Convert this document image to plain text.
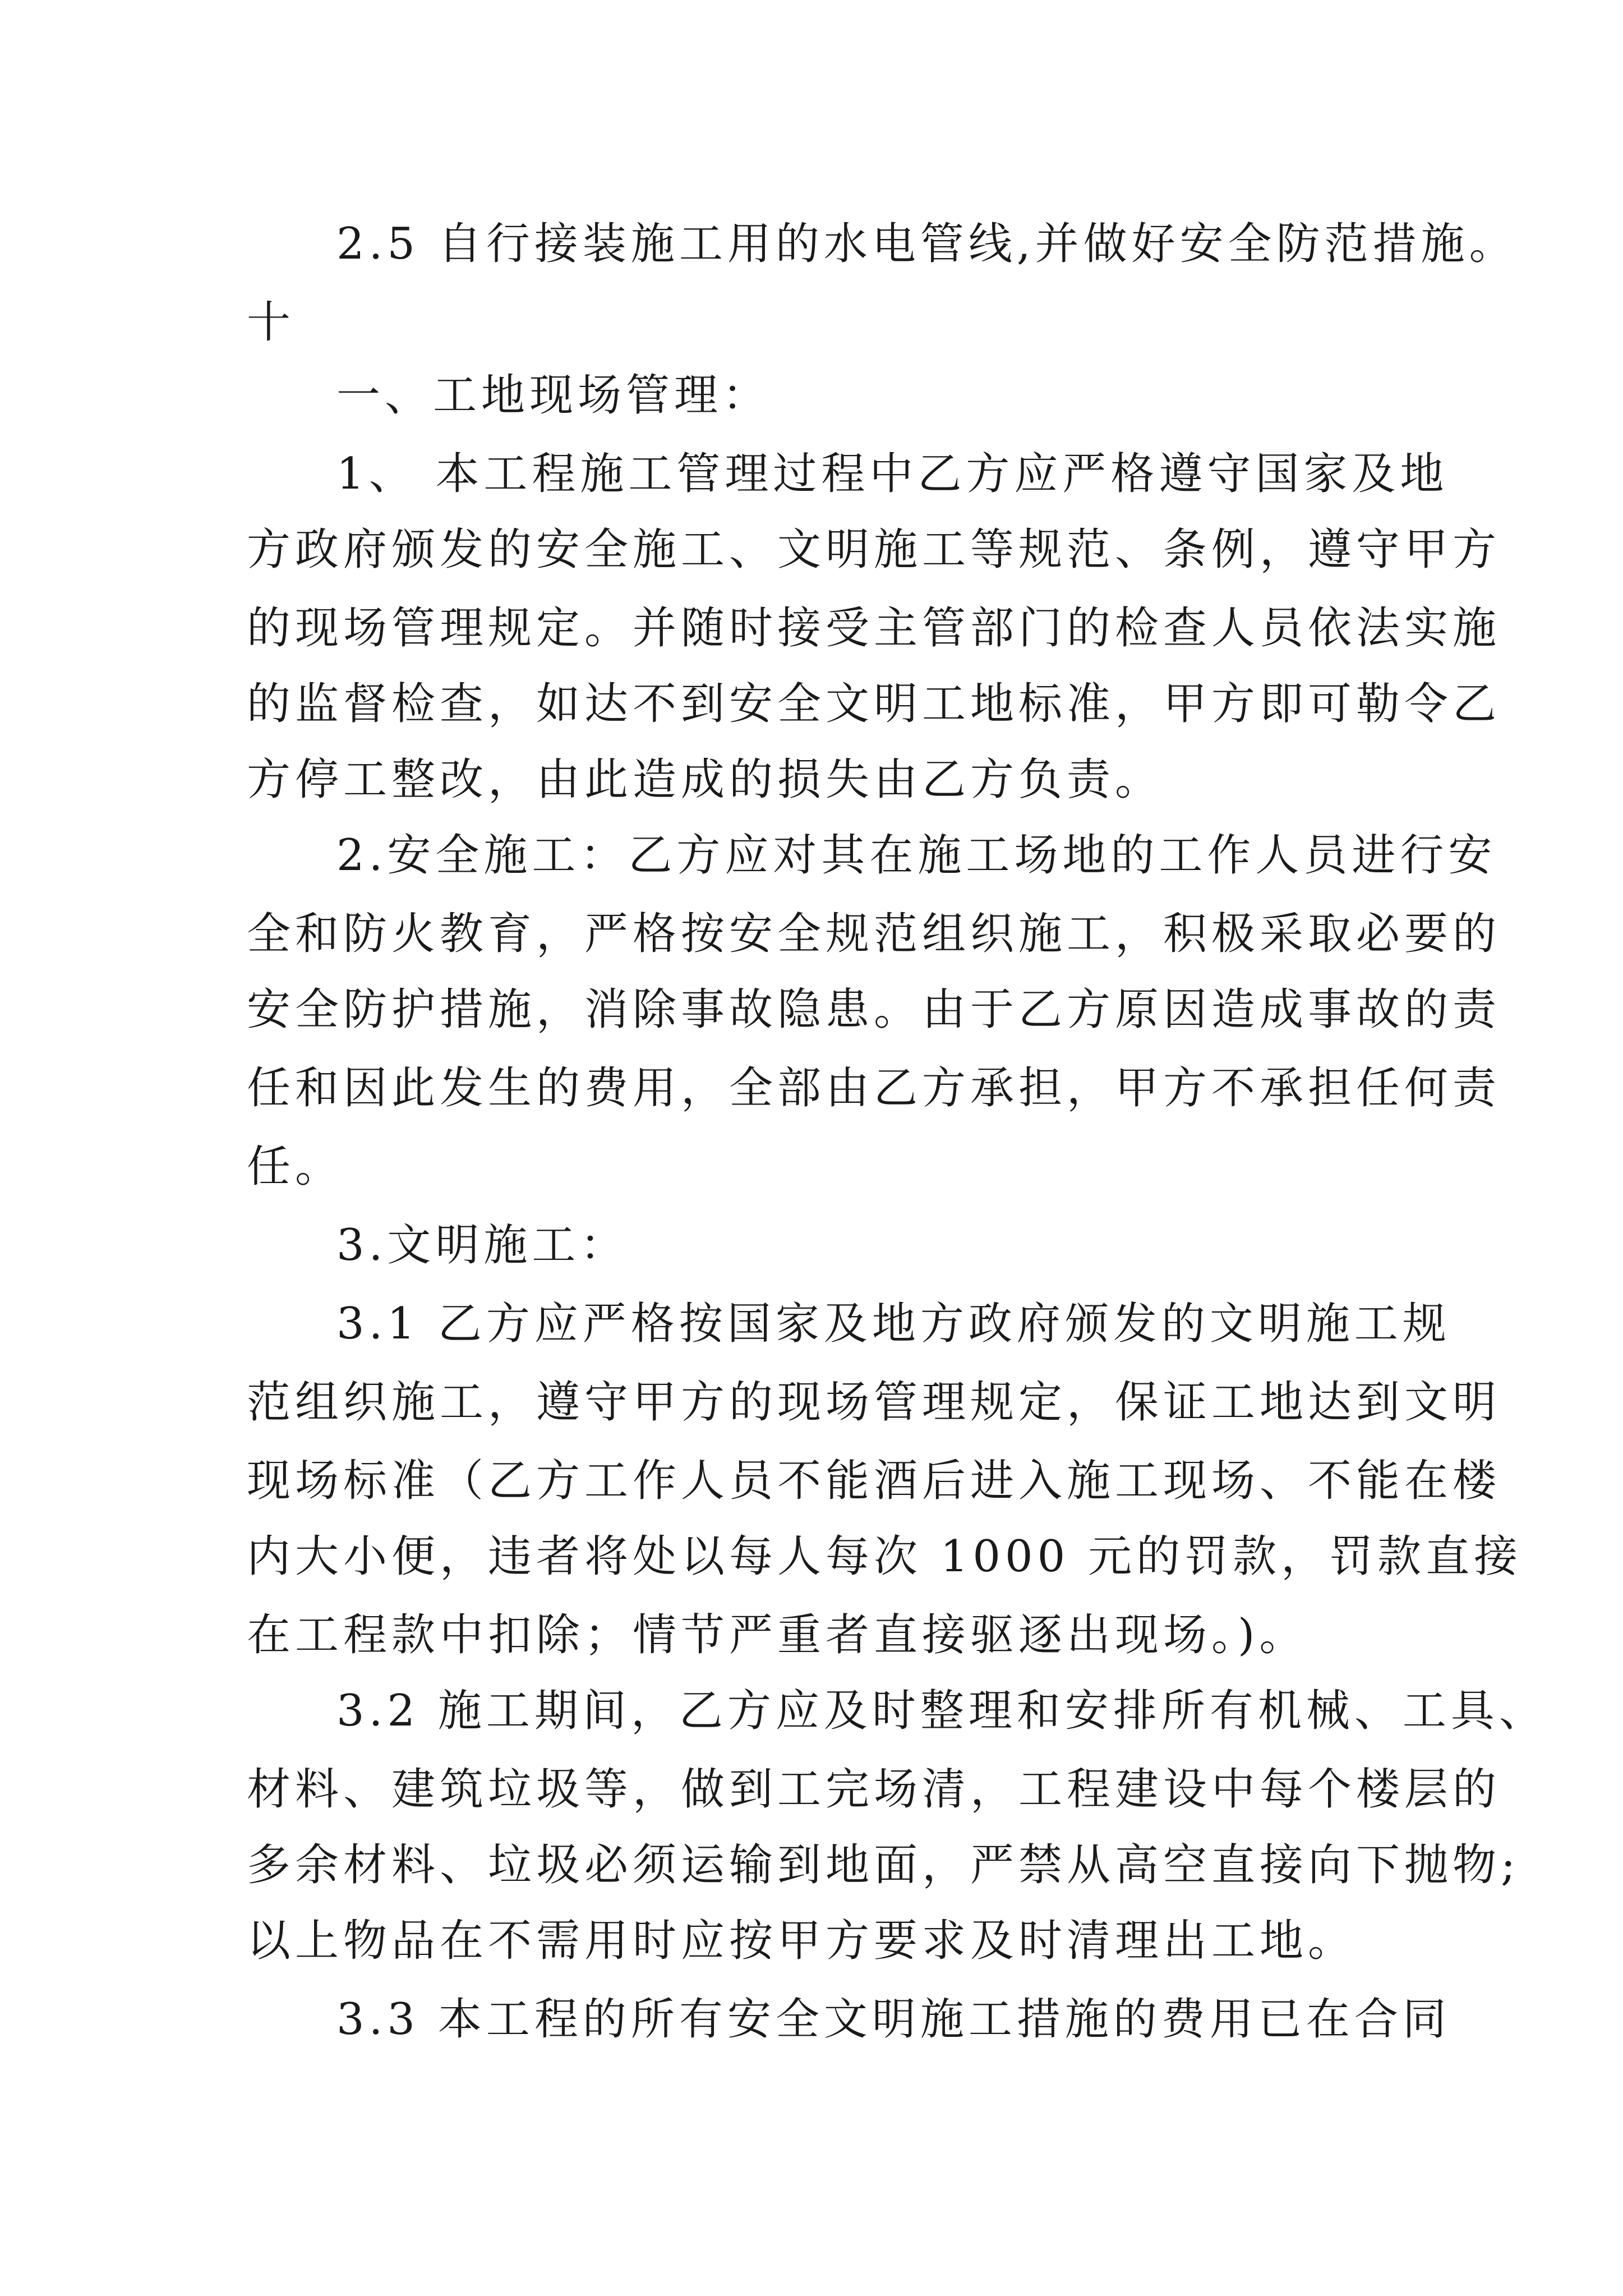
2.5 自行接装施工用的水电管线,并做好安全防范措施。
十
一、工地现场管理：
1、 本工程施工管理过程中乙方应严格遵守国家及地
方政府颁发的安全施工、文明施工等规范、条例，遵守甲方
的现场管理规定。并随时接受主管部门的检查人员依法实施
的监督检查，如达不到安全文明工地标准，甲方即可勒令乙
方停工整改，由此造成的损失由乙方负责。
2.安全施工：乙方应对其在施工场地的工作人员进行安
全和防火教育，严格按安全规范组织施工，积极采取必要的
安全防护措施，消除事故隐患。由于乙方原因造成事故的责
任和因此发生的费用，全部由乙方承担，甲方不承担任何责
任。
3.文明施工：
3.1 乙方应严格按国家及地方政府颁发的文明施工规
范组织施工，遵守甲方的现场管理规定，保证工地达到文明
现场标准（乙方工作人员不能酒后进入施工现场、不能在楼
内大小便，违者将处以每人每次 1000 元的罚款，罚款直接
在工程款中扣除；情节严重者直接驱逐出现场。)。
3.2 施工期间，乙方应及时整理和安排所有机械、工具、
材料、建筑垃圾等，做到工完场清，工程建设中每个楼层的
多余材料、垃圾必须运输到地面，严禁从高空直接向下抛物;
以上物品在不需用时应按甲方要求及时清理出工地。
3.3 本工程的所有安全文明施工措施的费用已在合同
